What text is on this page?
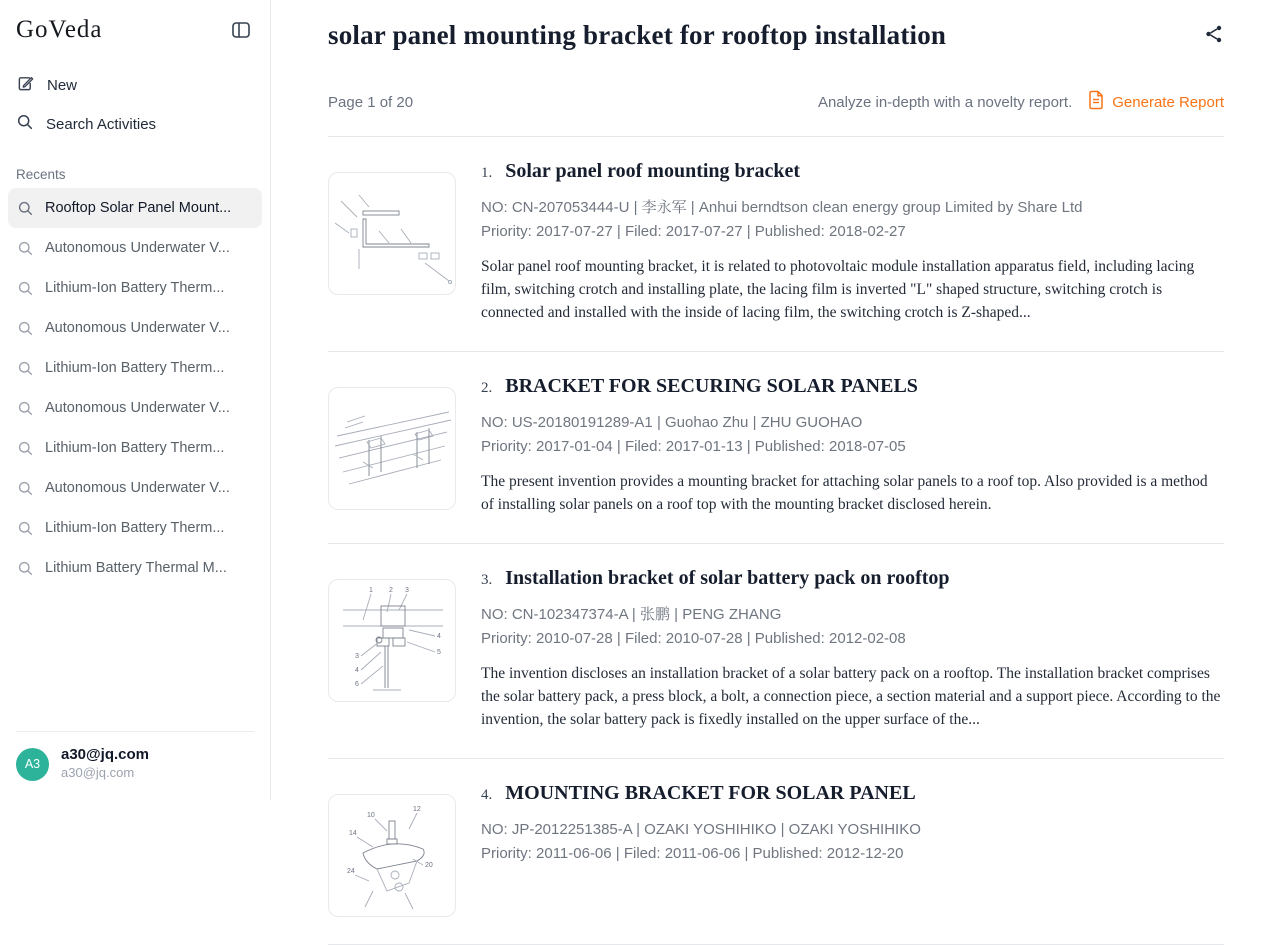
GoVeda
New
Search Activities
Recents
Rooftop Solar Panel Mount...
Autonomous Underwater V...
Lithium-Ion Battery Therm...
Autonomous Underwater V...
Lithium-Ion Battery Therm...
Autonomous Underwater V...
Lithium-Ion Battery Therm...
Autonomous Underwater V...
Lithium-Ion Battery Therm...
Lithium Battery Thermal M...
A3
a30@jq.com
a30@jq.com
solar panel mounting bracket for rooftop installation
Page 1 of 20	Analyze in-depth with a novelty report.	Generate Report
1. Solar panel roof mounting bracket
NO: CN-207053444-U | 李永军 | Anhui berndtson clean energy group Limited by Share Ltd
Priority: 2017-07-27 | Filed: 2017-07-27 | Published: 2018-02-27

Solar panel roof mounting bracket, it is related to photovoltaic module installation apparatus field, including lacing film, switching crotch and installing plate, the lacing film is inverted "L" shaped structure, switching crotch is connected and installed with the inside of lacing film, the switching crotch is Z-shaped...

2. BRACKET FOR SECURING SOLAR PANELS
NO: US-20180191289-A1 | Guohao Zhu | ZHU GUOHAO
Priority: 2017-01-04 | Filed: 2017-01-13 | Published: 2018-07-05

The present invention provides a mounting bracket for attaching solar panels to a roof top. Also provided is a method of installing solar panels on a roof top with the mounting bracket disclosed herein.

1 2 3
4
5
3
4
6
3. Installation bracket of solar battery pack on rooftop
NO: CN-102347374-A | 张鹏 | PENG ZHANG
Priority: 2010-07-28 | Filed: 2010-07-28 | Published: 2012-02-08

The invention discloses an installation bracket of a solar battery pack on a rooftop. The installation bracket comprises the solar battery pack, a press block, a bolt, a connection piece, a section material and a support piece. According to the invention, the solar battery pack is fixedly installed on the upper surface of the...

10
12
14
24
20
4. MOUNTING BRACKET FOR SOLAR PANEL
NO: JP-2012251385-A | OZAKI YOSHIHIKO | OZAKI YOSHIHIKO
Priority: 2011-06-06 | Filed: 2011-06-06 | Published: 2012-12-20
